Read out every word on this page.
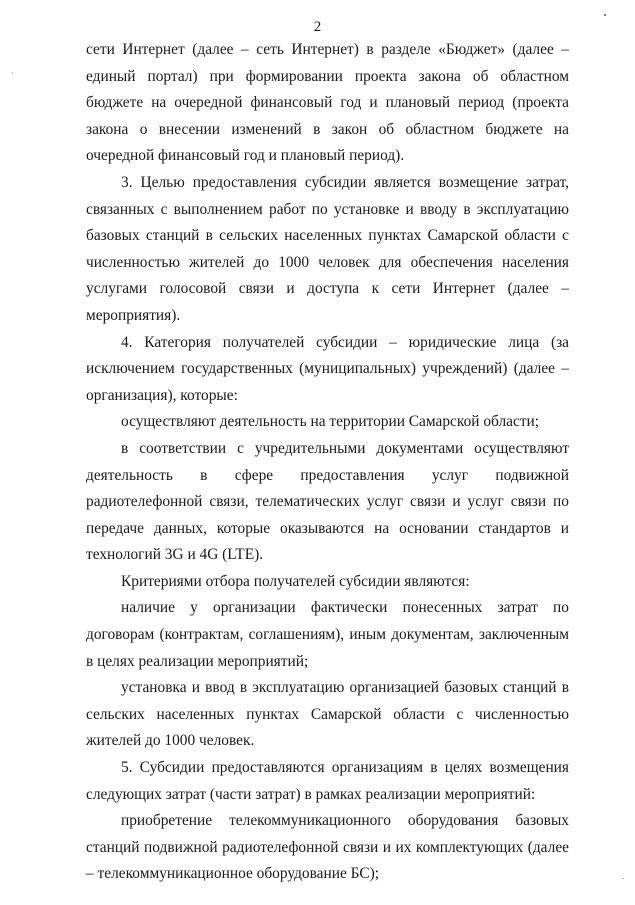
2

сети Интернет (далее – сеть Интернет) в разделе «Бюджет» (далее – единый портал) при формировании проекта закона об областном бюджете на очередной финансовый год и плановый период (проекта закона о внесении изменений в закон об областном бюджете на очередной финансовый год и плановый период).

3. Целью предоставления субсидии является возмещение затрат, связанных с выполнением работ по установке и вводу в эксплуатацию базовых станций в сельских населенных пунктах Самарской области с численностью жителей до 1000 человек для обеспечения населения услугами голосовой связи и доступа к сети Интернет (далее – мероприятия).

4. Категория получателей субсидии – юридические лица (за исключением государственных (муниципальных) учреждений) (далее – организация), которые:

осуществляют деятельность на территории Самарской области;

в соответствии с учредительными документами осуществляют деятельность в сфере предоставления услуг подвижной радиотелефонной связи, телематических услуг связи и услуг связи по передаче данных, которые оказываются на основании стандартов и технологий 3G и 4G (LTE).

Критериями отбора получателей субсидии являются:

наличие у организации фактически понесенных затрат по договорам (контрактам, соглашениям), иным документам, заключенным в целях реализации мероприятий;

установка и ввод в эксплуатацию организацией базовых станций в сельских населенных пунктах Самарской области с численностью жителей до 1000 человек.

5. Субсидии предоставляются организациям в целях возмещения следующих затрат (части затрат) в рамках реализации мероприятий:

приобретение телекоммуникационного оборудования базовых станций подвижной радиотелефонной связи и их комплектующих (далее – телекоммуникационное оборудование БС);
